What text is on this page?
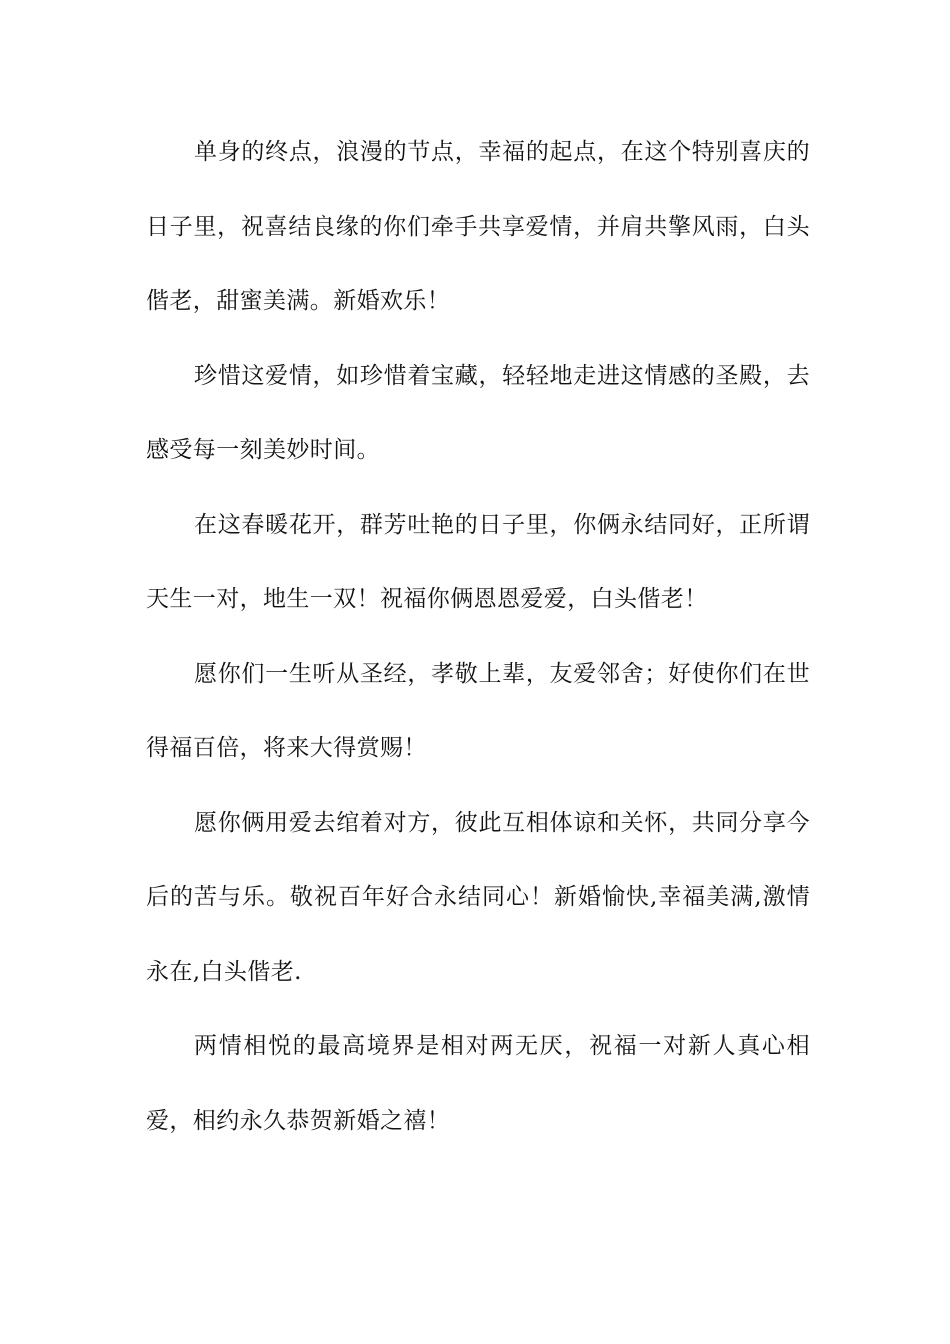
单身的终点，浪漫的节点，幸福的起点，在这个特别喜庆的日子里，祝喜结良缘的你们牵手共享爱情，并肩共擎风雨，白头偕老，甜蜜美满。新婚欢乐！

珍惜这爱情，如珍惜着宝藏，轻轻地走进这情感的圣殿，去感受每一刻美妙时间。

在这春暖花开，群芳吐艳的日子里，你俩永结同好，正所谓天生一对，地生一双！祝福你俩恩恩爱爱，白头偕老！

愿你们一生听从圣经，孝敬上辈，友爱邻舍；好使你们在世得福百倍，将来大得赏赐！

愿你俩用爱去绾着对方，彼此互相体谅和关怀，共同分享今后的苦与乐。敬祝百年好合永结同心！新婚愉快,幸福美满,激情永在,白头偕老.

两情相悦的最高境界是相对两无厌，祝福一对新人真心相爱，相约永久恭贺新婚之禧！
